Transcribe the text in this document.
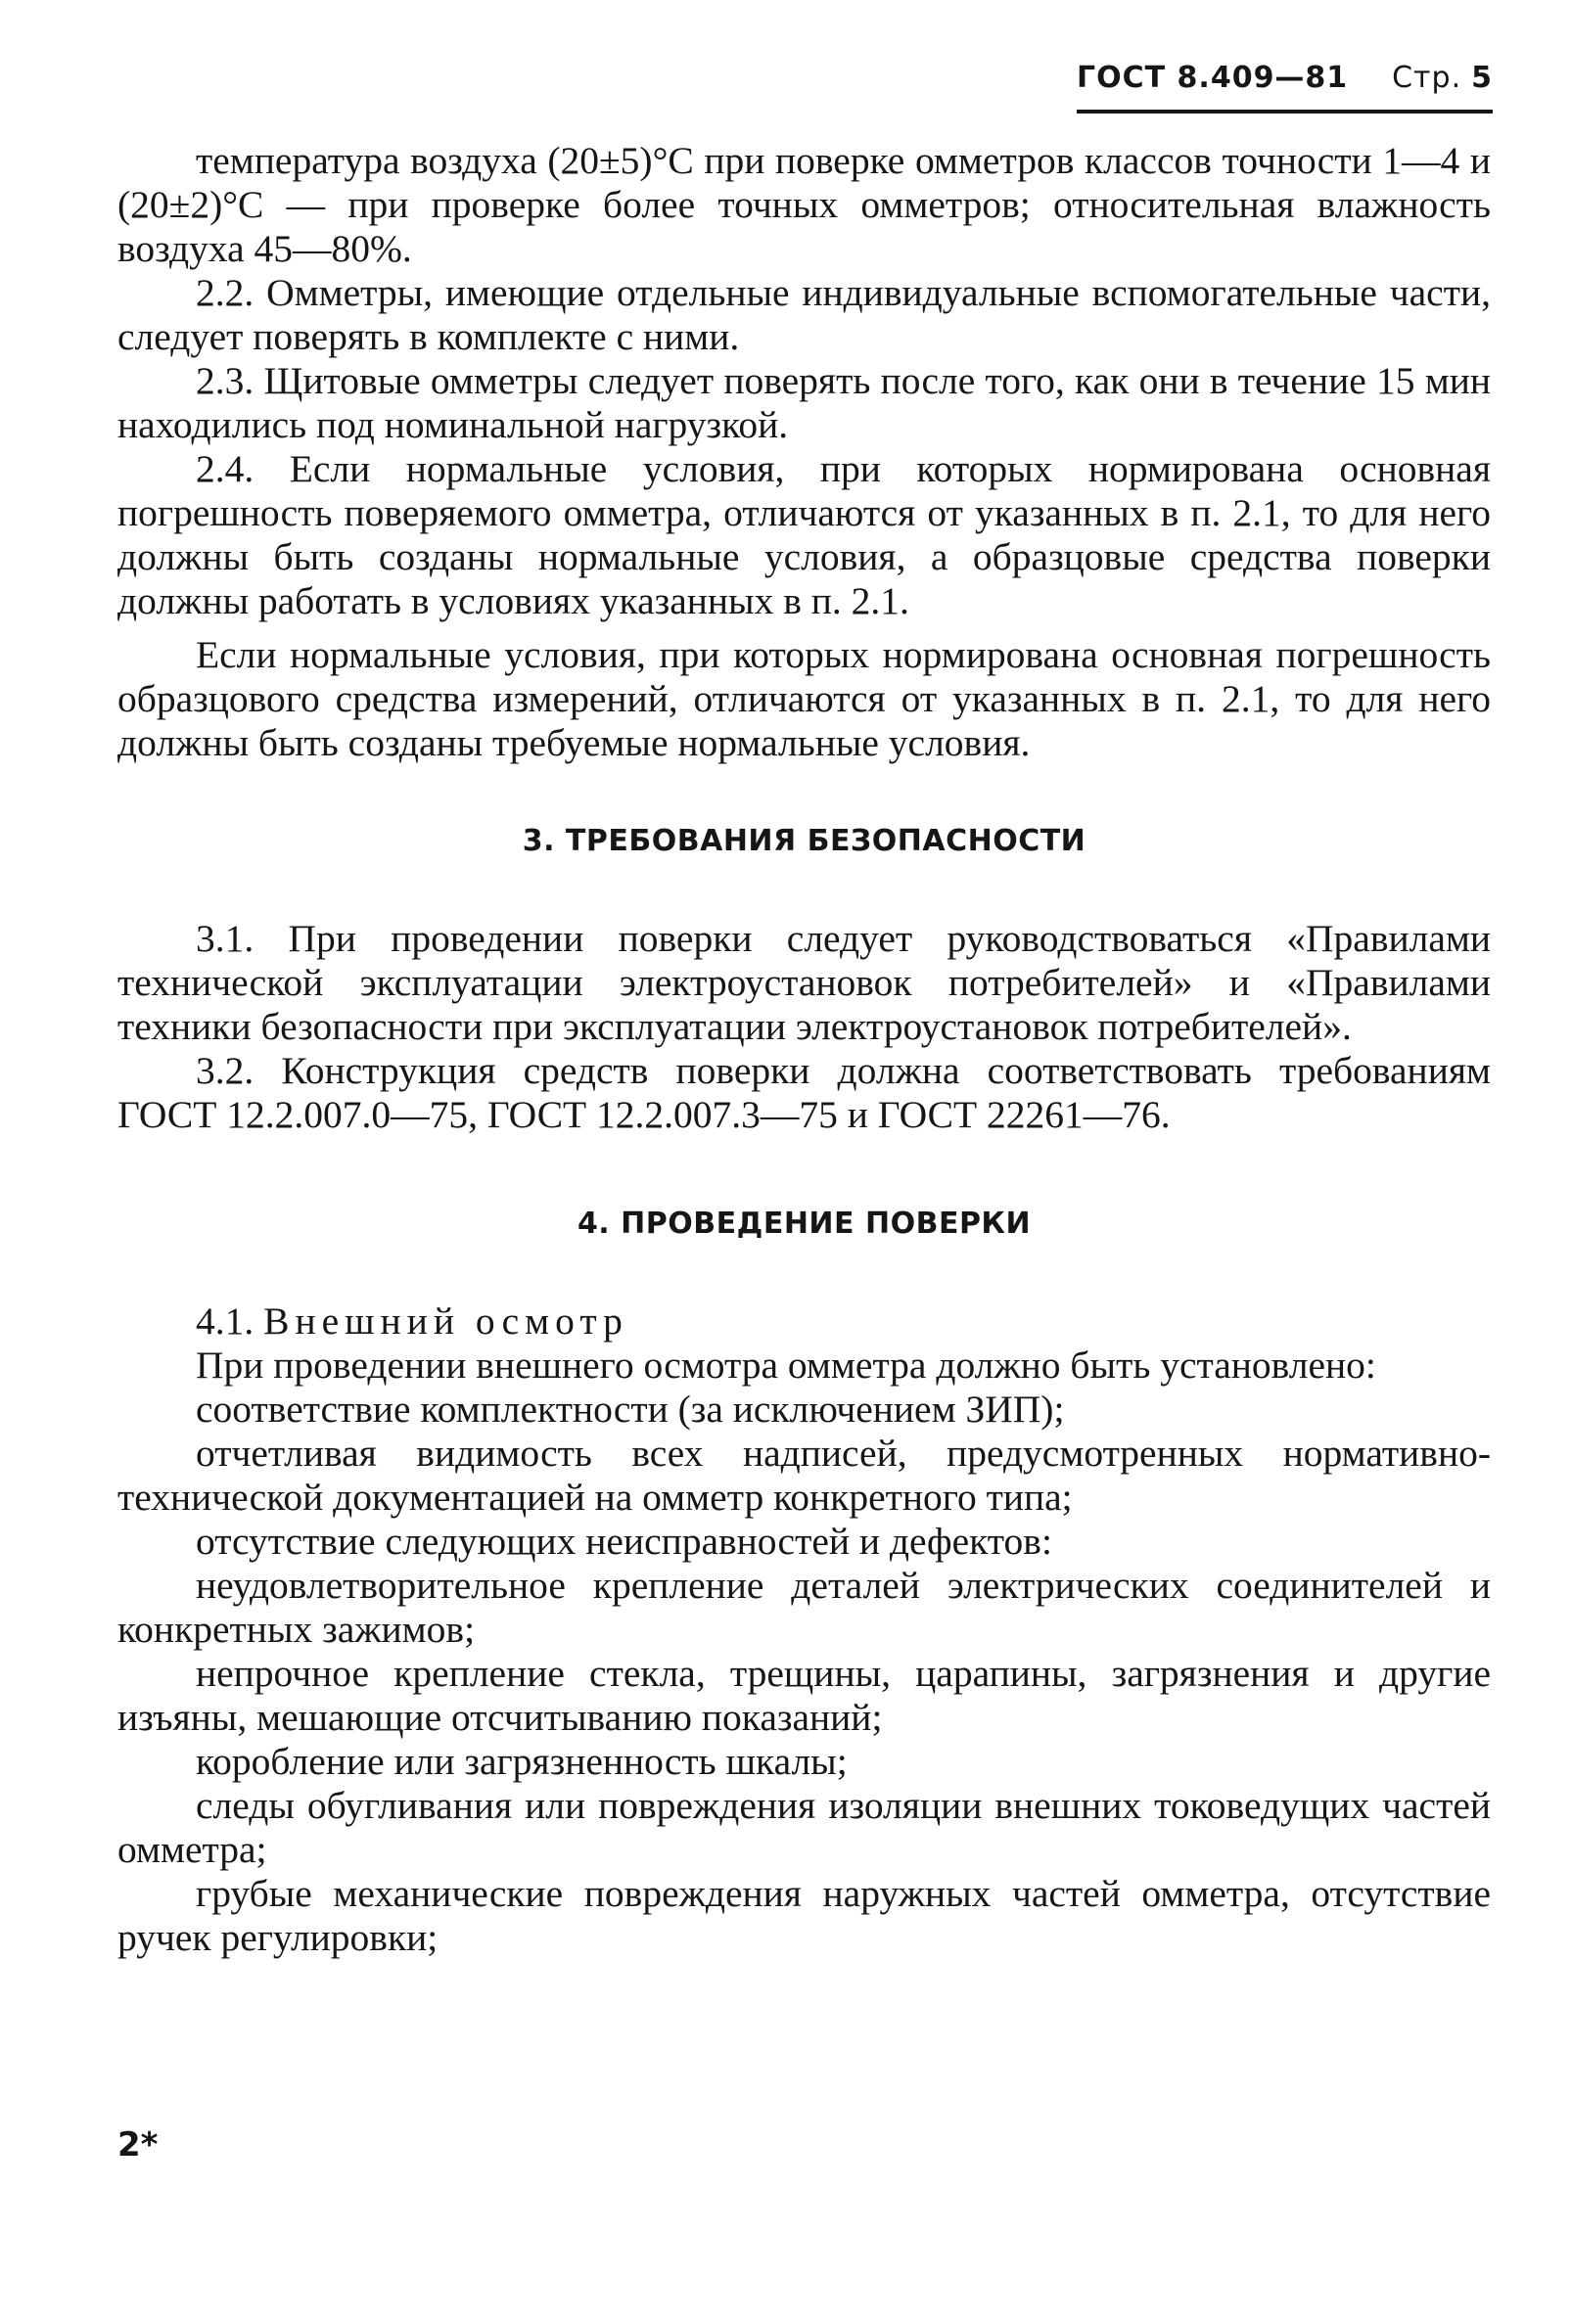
ГОСТ 8.409—81 Стр. 5

температура воздуха (20±5)°С при поверке омметров классов точности 1—4 и (20±2)°С — при проверке более точных омметров; относительная влажность воздуха 45—80%.

2.2. Омметры, имеющие отдельные индивидуальные вспомогательные части, следует поверять в комплекте с ними.

2.3. Щитовые омметры следует поверять после того, как они в течение 15 мин находились под номинальной нагрузкой.

2.4. Если нормальные условия, при которых нормирована основная погрешность поверяемого омметра, отличаются от указанных в п. 2.1, то для него должны быть созданы нормальные условия, а образцовые средства поверки должны работать в условиях указанных в п. 2.1.

Если нормальные условия, при которых нормирована основная погрешность образцового средства измерений, отличаются от указанных в п. 2.1, то для него должны быть созданы требуемые нормальные условия.

3. ТРЕБОВАНИЯ БЕЗОПАСНОСТИ

3.1. При проведении поверки следует руководствоваться «Правилами технической эксплуатации электроустановок потребителей» и «Правилами техники безопасности при эксплуатации электроустановок потребителей».

3.2. Конструкция средств поверки должна соответствовать требованиям ГОСТ 12.2.007.0—75, ГОСТ 12.2.007.3—75 и ГОСТ 22261—76.

4. ПРОВЕДЕНИЕ ПОВЕРКИ

4.1. Внешний осмотр

При проведении внешнего осмотра омметра должно быть установлено:

соответствие комплектности (за исключением ЗИП);

отчетливая видимость всех надписей, предусмотренных нормативно-технической документацией на омметр конкретного типа;

отсутствие следующих неисправностей и дефектов:

неудовлетворительное крепление деталей электрических соединителей и конкретных зажимов;

непрочное крепление стекла, трещины, царапины, загрязнения и другие изъяны, мешающие отсчитыванию показаний;

коробление или загрязненность шкалы;

следы обугливания или повреждения изоляции внешних токоведущих частей омметра;

грубые механические повреждения наружных частей омметра, отсутствие ручек регулировки;

2*
